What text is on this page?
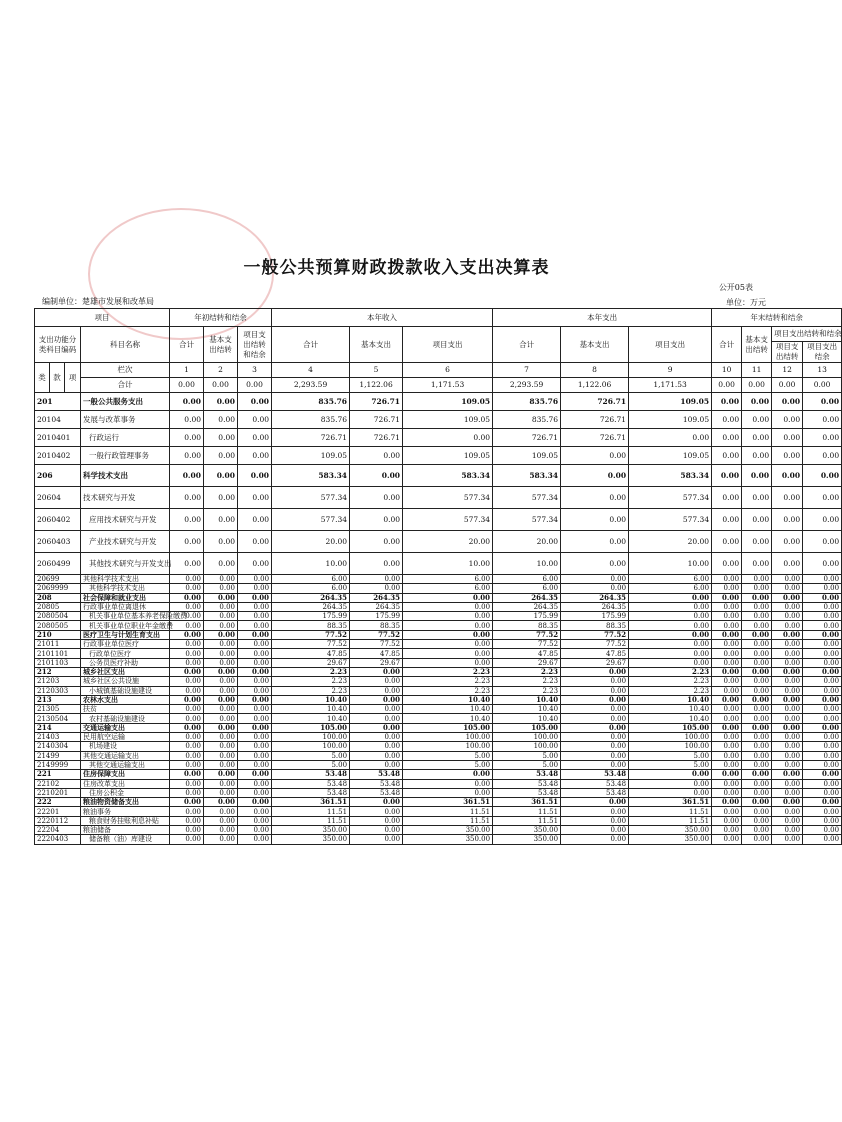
一般公共预算财政拨款收入支出决算表
公开05表
编制单位：楚雄市发展和改革局	单位：万元
项目				年初结转和结余			本年收入			本年支出			年末结转和结余			
支出功能分类科目编码			科目名称	合计	基本支出结转	项目支出结转和结余	合计	基本支出	项目支出	合计	基本支出	项目支出	合计	基本支出结转	项目支出结转和结余	
															项目支出结转	项目支出结余
类	款	项	栏次	1	2	3	4	5	6	7	8	9	10	11	12	13
			合计	0.00	0.00	0.00	2,293.59	1,122.06	1,171.53	2,293.59	1,122.06	1,171.53	0.00	0.00	0.00	0.00
201			一般公共服务支出	0.00	0.00	0.00	835.76	726.71	109.05	835.76	726.71	109.05	0.00	0.00	0.00	0.00
20104			发展与改革事务	0.00	0.00	0.00	835.76	726.71	109.05	835.76	726.71	109.05	0.00	0.00	0.00	0.00
2010401			行政运行	0.00	0.00	0.00	726.71	726.71	0.00	726.71	726.71	0.00	0.00	0.00	0.00	0.00
2010402			一般行政管理事务	0.00	0.00	0.00	109.05	0.00	109.05	109.05	0.00	109.05	0.00	0.00	0.00	0.00
206			科学技术支出	0.00	0.00	0.00	583.34	0.00	583.34	583.34	0.00	583.34	0.00	0.00	0.00	0.00
20604			技术研究与开发	0.00	0.00	0.00	577.34	0.00	577.34	577.34	0.00	577.34	0.00	0.00	0.00	0.00
2060402			应用技术研究与开发	0.00	0.00	0.00	577.34	0.00	577.34	577.34	0.00	577.34	0.00	0.00	0.00	0.00
2060403			产业技术研究与开发	0.00	0.00	0.00	20.00	0.00	20.00	20.00	0.00	20.00	0.00	0.00	0.00	0.00
2060499			其他技术研究与开发支出	0.00	0.00	0.00	10.00	0.00	10.00	10.00	0.00	10.00	0.00	0.00	0.00	0.00
20699			其他科学技术支出	0.00	0.00	0.00	6.00	0.00	6.00	6.00	0.00	6.00	0.00	0.00	0.00	0.00
2069999			其他科学技术支出	0.00	0.00	0.00	6.00	0.00	6.00	6.00	0.00	6.00	0.00	0.00	0.00	0.00
208			社会保障和就业支出	0.00	0.00	0.00	264.35	264.35	0.00	264.35	264.35	0.00	0.00	0.00	0.00	0.00
20805			行政事业单位离退休	0.00	0.00	0.00	264.35	264.35	0.00	264.35	264.35	0.00	0.00	0.00	0.00	0.00
2080504			机关事业单位基本养老保险缴费	0.00	0.00	0.00	175.99	175.99	0.00	175.99	175.99	0.00	0.00	0.00	0.00	0.00
2080505			机关事业单位职业年金缴费	0.00	0.00	0.00	88.35	88.35	0.00	88.35	88.35	0.00	0.00	0.00	0.00	0.00
210			医疗卫生与计划生育支出	0.00	0.00	0.00	77.52	77.52	0.00	77.52	77.52	0.00	0.00	0.00	0.00	0.00
21011			行政事业单位医疗	0.00	0.00	0.00	77.52	77.52	0.00	77.52	77.52	0.00	0.00	0.00	0.00	0.00
2101101			行政单位医疗	0.00	0.00	0.00	47.85	47.85	0.00	47.85	47.85	0.00	0.00	0.00	0.00	0.00
2101103			公务员医疗补助	0.00	0.00	0.00	29.67	29.67	0.00	29.67	29.67	0.00	0.00	0.00	0.00	0.00
212			城乡社区支出	0.00	0.00	0.00	2.23	0.00	2.23	2.23	0.00	2.23	0.00	0.00	0.00	0.00
21203			城乡社区公共设施	0.00	0.00	0.00	2.23	0.00	2.23	2.23	0.00	2.23	0.00	0.00	0.00	0.00
2120303			小城镇基础设施建设	0.00	0.00	0.00	2.23	0.00	2.23	2.23	0.00	2.23	0.00	0.00	0.00	0.00
213			农林水支出	0.00	0.00	0.00	10.40	0.00	10.40	10.40	0.00	10.40	0.00	0.00	0.00	0.00
21305			扶贫	0.00	0.00	0.00	10.40	0.00	10.40	10.40	0.00	10.40	0.00	0.00	0.00	0.00
2130504			农村基础设施建设	0.00	0.00	0.00	10.40	0.00	10.40	10.40	0.00	10.40	0.00	0.00	0.00	0.00
214			交通运输支出	0.00	0.00	0.00	105.00	0.00	105.00	105.00	0.00	105.00	0.00	0.00	0.00	0.00
21403			民用航空运输	0.00	0.00	0.00	100.00	0.00	100.00	100.00	0.00	100.00	0.00	0.00	0.00	0.00
2140304			机场建设	0.00	0.00	0.00	100.00	0.00	100.00	100.00	0.00	100.00	0.00	0.00	0.00	0.00
21499			其他交通运输支出	0.00	0.00	0.00	5.00	0.00	5.00	5.00	0.00	5.00	0.00	0.00	0.00	0.00
2149999			其他交通运输支出	0.00	0.00	0.00	5.00	0.00	5.00	5.00	0.00	5.00	0.00	0.00	0.00	0.00
221			住房保障支出	0.00	0.00	0.00	53.48	53.48	0.00	53.48	53.48	0.00	0.00	0.00	0.00	0.00
22102			住房改革支出	0.00	0.00	0.00	53.48	53.48	0.00	53.48	53.48	0.00	0.00	0.00	0.00	0.00
2210201			住房公积金	0.00	0.00	0.00	53.48	53.48	0.00	53.48	53.48	0.00	0.00	0.00	0.00	0.00
222			粮油物资储备支出	0.00	0.00	0.00	361.51	0.00	361.51	361.51	0.00	361.51	0.00	0.00	0.00	0.00
22201			粮油事务	0.00	0.00	0.00	11.51	0.00	11.51	11.51	0.00	11.51	0.00	0.00	0.00	0.00
2220112			粮食财务挂账利息补贴	0.00	0.00	0.00	11.51	0.00	11.51	11.51	0.00	11.51	0.00	0.00	0.00	0.00
22204			粮油储备	0.00	0.00	0.00	350.00	0.00	350.00	350.00	0.00	350.00	0.00	0.00	0.00	0.00
2220403			储备粮（油）库建设	0.00	0.00	0.00	350.00	0.00	350.00	350.00	0.00	350.00	0.00	0.00	0.00	0.00
